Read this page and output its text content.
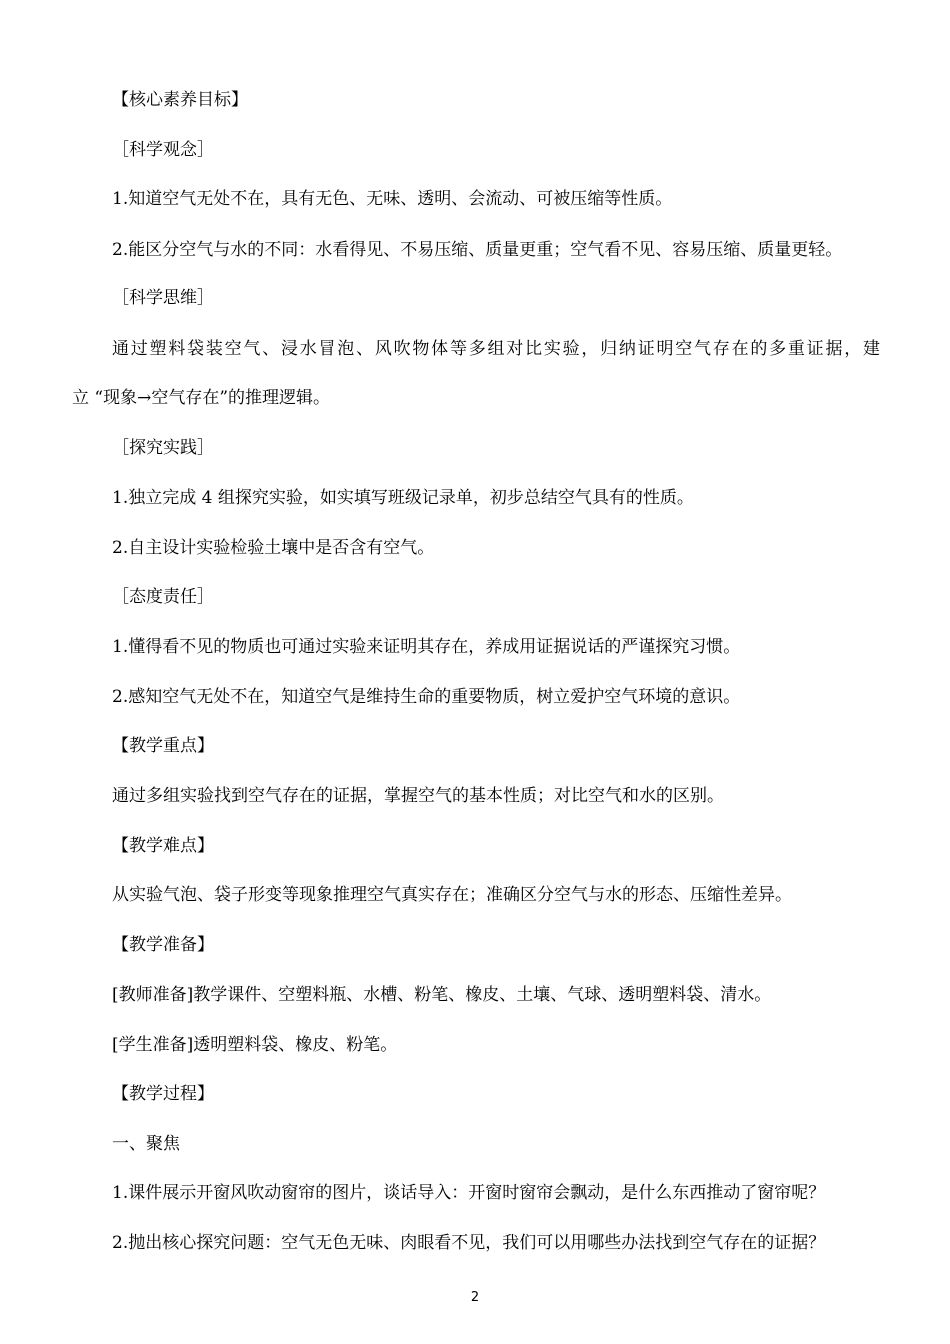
【核心素养目标】
［科学观念］
1.知道空气无处不在，具有无色、无味、透明、会流动、可被压缩等性质。
2.能区分空气与水的不同：水看得见、不易压缩、质量更重；空气看不见、容易压缩、质量更轻。
［科学思维］
通过塑料袋装空气、浸水冒泡、风吹物体等多组对比实验，归纳证明空气存在的多重证据，建
立 “现象→空气存在”的推理逻辑。
［探究实践］
1.独立完成 4 组探究实验，如实填写班级记录单，初步总结空气具有的性质。
2.自主设计实验检验土壤中是否含有空气。
［态度责任］
1.懂得看不见的物质也可通过实验来证明其存在，养成用证据说话的严谨探究习惯。
2.感知空气无处不在，知道空气是维持生命的重要物质，树立爱护空气环境的意识。
【教学重点】
通过多组实验找到空气存在的证据，掌握空气的基本性质；对比空气和水的区别。
【教学难点】
从实验气泡、袋子形变等现象推理空气真实存在；准确区分空气与水的形态、压缩性差异。
【教学准备】
[教师准备]教学课件、空塑料瓶、水槽、粉笔、橡皮、土壤、气球、透明塑料袋、清水。
[学生准备]透明塑料袋、橡皮、粉笔。
【教学过程】
一、聚焦
1.课件展示开窗风吹动窗帘的图片，谈话导入：开窗时窗帘会飘动，是什么东西推动了窗帘呢？
2.抛出核心探究问题：空气无色无味、肉眼看不见，我们可以用哪些办法找到空气存在的证据？
2
